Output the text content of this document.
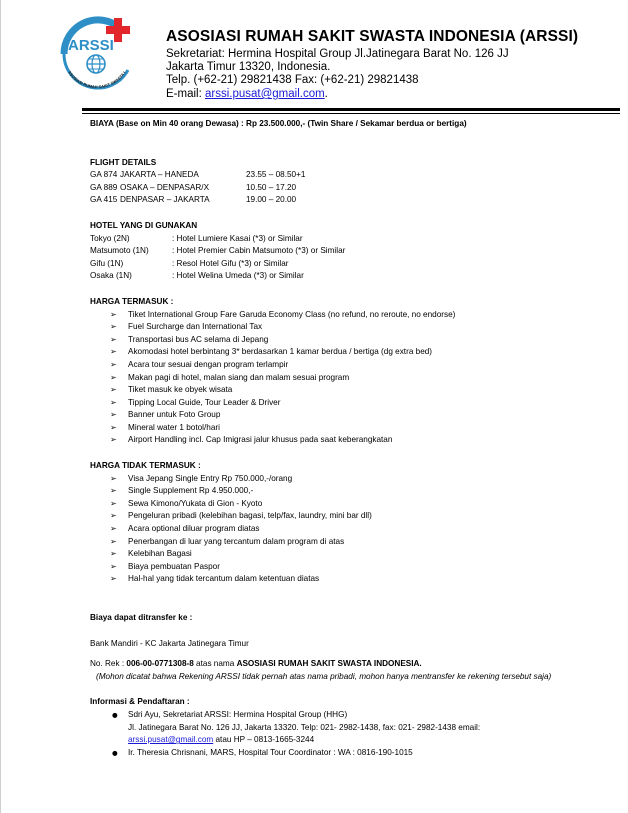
ARSSI
ASOSIASI RUMAH SAKIT SWASTA I
ASOSIASI RUMAH SAKIT SWASTA INDONESIA (ARSSI)
Sekretariat: Hermina Hospital Group Jl.Jatinegara Barat No. 126 JJ
Jakarta Timur 13320, Indonesia.
Telp. (+62-21) 29821438 Fax: (+62-21) 29821438
E-mail: arssi.pusat@gmail.com.
BIAYA (Base on Min 40 orang Dewasa) : Rp 23.500.000,- (Twin Share / Sekamar berdua or bertiga)
FLIGHT DETAILS
GA 874 JAKARTA – HANEDA	23.55 – 08.50+1
GA 889 OSAKA – DENPASAR/X	10.50 – 17.20
GA 415 DENPASAR – JAKARTA	19.00 – 20.00
HOTEL YANG DI GUNAKAN
Tokyo (2N)	: Hotel Lumiere Kasai (*3) or Similar
Matsumoto (1N)	: Hotel Premier Cabin Matsumoto (*3) or Similar
Gifu (1N)	: Resol Hotel Gifu (*3) or Similar
Osaka (1N)	: Hotel Welina Umeda (*3) or Similar
HARGA TERMASUK :
➢ Tiket International Group Fare Garuda Economy Class (no refund, no reroute, no endorse)
➢ Fuel Surcharge dan International Tax
➢ Transportasi bus AC selama di Jepang
➢ Akomodasi hotel berbintang 3* berdasarkan 1 kamar berdua / bertiga (dg extra bed)
➢ Acara tour sesuai dengan program terlampir
➢ Makan pagi di hotel, malan siang dan malam sesuai program
➢ Tiket masuk ke obyek wisata
➢ Tipping Local Guide, Tour Leader & Driver
➢ Banner untuk Foto Group
➢ Mineral water 1 botol/hari
➢ Airport Handling incl. Cap Imigrasi jalur khusus pada saat keberangkatan
HARGA TIDAK TERMASUK :
➢ Visa Jepang Single Entry Rp 750.000,-/orang
➢ Single Supplement Rp 4.950.000,-
➢ Sewa Kimono/Yukata di Gion - Kyoto
➢ Pengeluran pribadi (kelebihan bagasi, telp/fax, laundry, mini bar dll)
➢ Acara optional diluar program diatas
➢ Penerbangan di luar yang tercantum dalam program di atas
➢ Kelebihan Bagasi
➢ Biaya pembuatan Paspor
➢ Hal-hal yang tidak tercantum dalam ketentuan diatas
Biaya dapat ditransfer ke :
Bank Mandiri - KC Jakarta Jatinegara Timur
No. Rek : 006-00-0771308-8 atas nama ASOSIASI RUMAH SAKIT SWASTA INDONESIA.
(Mohon dicatat bahwa Rekening ARSSI tidak pernah atas nama pribadi, mohon hanya mentransfer ke rekening tersebut saja)
Informasi & Pendaftaran :
● Sdri Ayu, Sekretariat ARSSI: Hermina Hospital Group (HHG)
Jl. Jatinegara Barat No. 126 JJ, Jakarta 13320. Telp: 021- 2982-1438, fax: 021- 2982-1438 email:
arssi.pusat@gmail.com atau HP – 0813-1665-3244
● Ir. Theresia Chrisnani, MARS, Hospital Tour Coordinator : WA : 0816-190-1015
